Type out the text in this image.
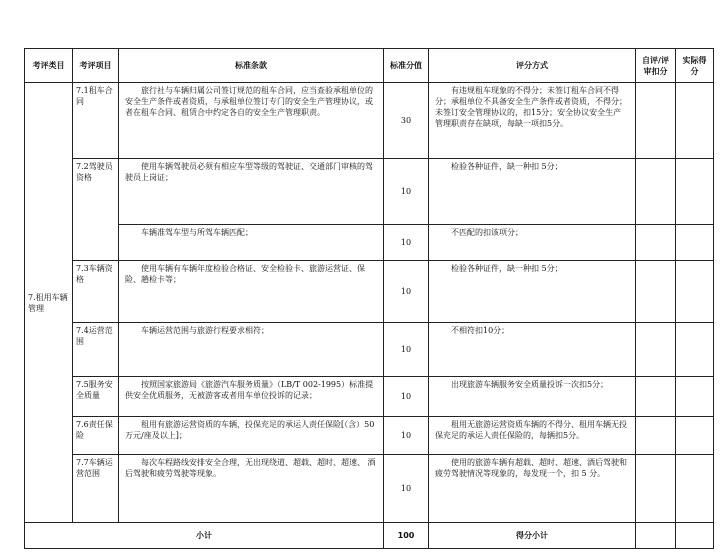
考评类目	考评项目	标准条款	标准分值	评分方式	自评/评审扣分	实际得分
7.租用车辆管理	7.1租车合同	旅行社与车辆归属公司签订规范的租车合同，应当查验承租单位的安全生产条件或者资质，与承租单位签订专门的安全生产管理协议，或者在租车合同、租赁合中约定各自的安全生产管理职责。	30	有违规租车现象的不得分；未签订租车合同不得分；承租单位不具备安全生产条件或者资质，不得分；未签订安全管理协议的，扣15分；安全协议安全生产管理职责存在缺项，每缺一项扣5分。		
	7.2驾驶员资格	使用车辆驾驶员必须有相应车型等级的驾驶证、交通部门审核的驾驶员上岗证；	10	检验各种证件，缺一种扣 5分；		
		车辆准驾车型与所驾车辆匹配；	10	不匹配的扣该项分；		
	7.3车辆资格	使用车辆有车辆年度检验合格证、安全检验卡、旅游运营证、保险、趟检卡等；	10	检验各种证件，缺一种扣 5分；		
	7.4运营范围	车辆运营范围与旅游行程要求相符；	10	不相符扣10分；		
	7.5服务安全质量	按照国家旅游局《旅游汽车服务质量》（LB/T 002-1995）标准提供安全优质服务，无被游客或者用车单位投诉的记录；	10	出现旅游车辆服务安全质量投诉一次扣5分；		
	7.6责任保险	租用有旅游运营资质的车辆，投保充足的承运人责任保险[（含）50 万元/座及以上]；	10	租用无旅游运营资质车辆的不得分、租用车辆无投保充足的承运人责任保险的，每辆扣5分。		
	7.7车辆运营范围	每次车程路线安排安全合理，无出现绕道、超载、超时、超速、 酒后驾驶和疲劳驾驶等现象。	10	使用的旅游车辆有超载、超时、超速、酒后驾驶和疲劳驾驶情况等现象的，每发现一个，扣 5 分。		
小计			100	得分小计		
